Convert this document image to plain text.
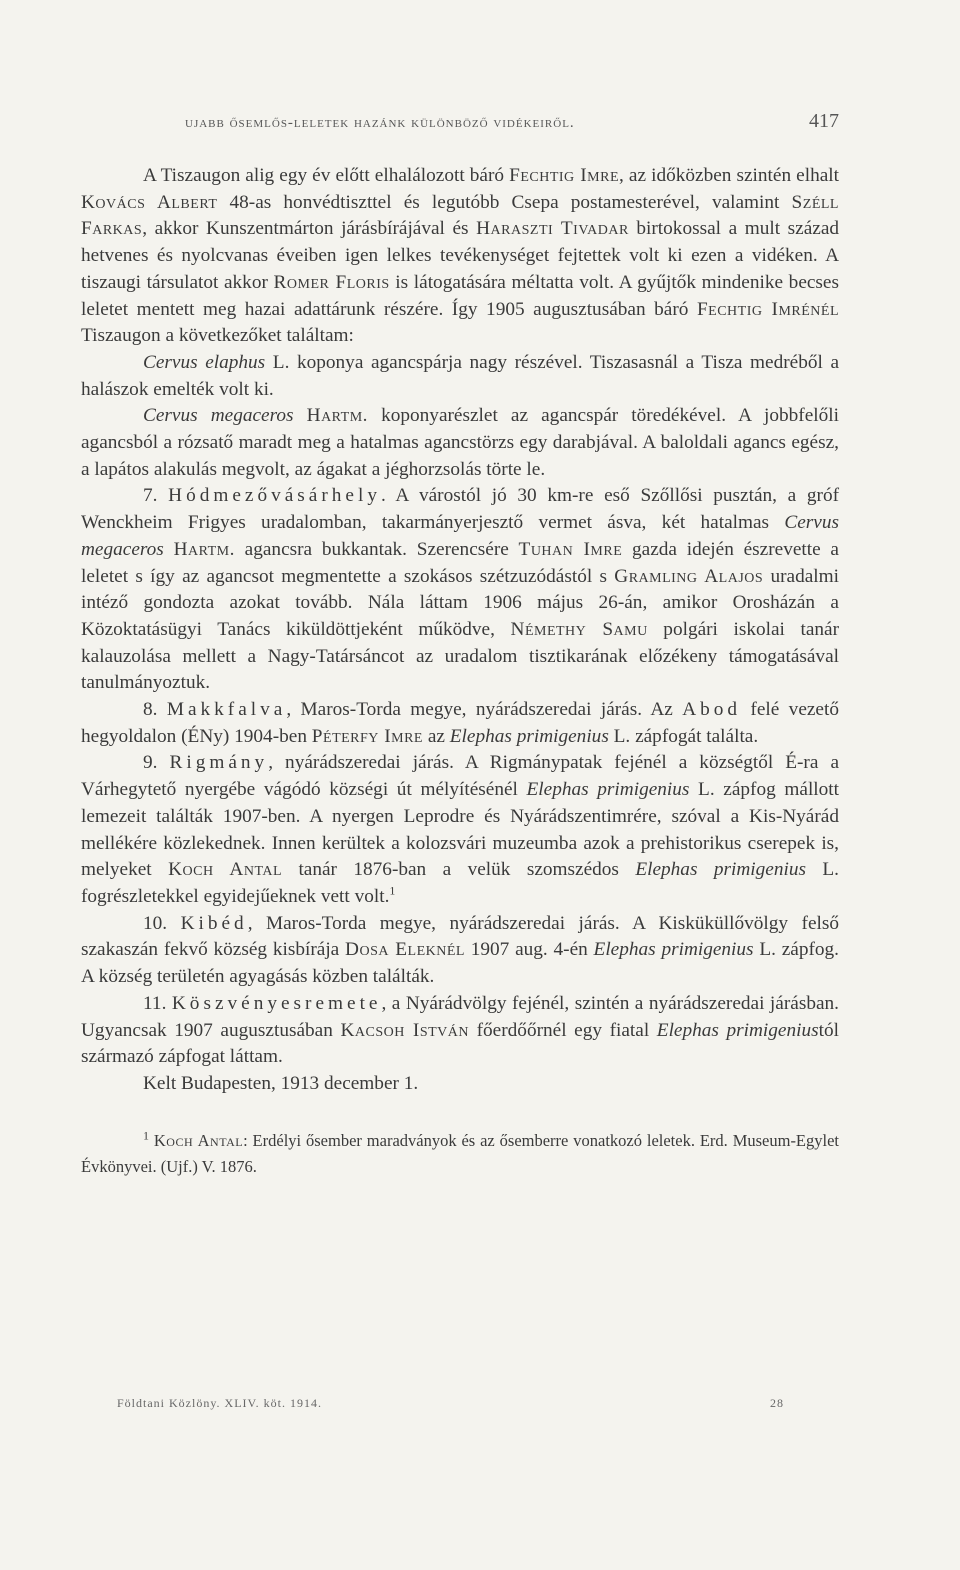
ujabb ősemlős-leletek hazánk különböző vidékeiről.	417

A Tiszaugon alig egy év előtt elhalálozott báró Fechtig Imre, az időközben szintén elhalt Kovács Albert 48-as honvédtiszttel és legutóbb Csepa postamesterével, valamint Széll Farkas, akkor Kunszentmárton járásbírájával és Haraszti Tivadar birtokossal a mult század hetvenes és nyolcvanas éveiben igen lelkes tevékenységet fejtettek volt ki ezen a vidéken. A tiszaugi társulatot akkor Romer Floris is látogatására méltatta volt. A gyűjtők mindenike becses leletet mentett meg hazai adattárunk részére. Így 1905 augusztusában báró Fechtig Imrénél Tiszaugon a következőket találtam:

Cervus elaphus L. koponya agancspárja nagy részével. Tiszasasnál a Tisza medréből a halászok emelték volt ki.

Cervus megaceros Hartm. koponyarészlet az agancspár töredékével. A jobbfelőli agancsból a rózsatő maradt meg a hatalmas agancstörzs egy darabjával. A baloldali agancs egész, a lapátos alakulás megvolt, az ágakat a jéghorzsolás törte le.

7. Hódmezővásárhely. A várostól jó 30 km-re eső Szőllősi pusztán, a gróf Wenckheim Frigyes uradalomban, takarmányerjesztő vermet ásva, két hatalmas Cervus megaceros Hartm. agancsra bukkantak. Szerencsére Tuhan Imre gazda idején észrevette a leletet s így az agancsot megmentette a szokásos szétzuzódástól s Gramling Alajos uradalmi intéző gondozta azokat tovább. Nála láttam 1906 május 26-án, amikor Orosházán a Közoktatásügyi Tanács kiküldöttjeként működve, Némethy Samu polgári iskolai tanár kalauzolása mellett a Nagy-Tatársáncot az uradalom tisztikarának előzékeny támogatásával tanulmányoztuk.

8. Makkfalva, Maros-Torda megye, nyárádszeredai járás. Az Abod felé vezető hegyoldalon (ÉNy) 1904-ben Péterfy Imre az Elephas primigenius L. zápfogát találta.

9. Rigmány, nyárádszeredai járás. A Rigmánypatak fejénél a községtől É-ra a Várhegytető nyergébe vágódó községi út mélyítésénél Elephas primigenius L. zápfog mállott lemezeit találták 1907-ben. A nyergen Leprodre és Nyárádszentimrére, szóval a Kis-Nyárád mellékére közlekednek. Innen kerültek a kolozsvári muzeumba azok a prehistorikus cserepek is, melyeket Koch Antal tanár 1876-ban a velük szomszédos Elephas primigenius L. fogrészletekkel egyidejűeknek vett volt.$^1$

10. Kibéd, Maros-Torda megye, nyárádszeredai járás. A Kisküküllővölgy felső szakaszán fekvő község kisbírája Dosa Eleknél 1907 aug. 4-én Elephas primigenius L. zápfog. A község területén agyagásás közben találták.

11. Köszvényesremete, a Nyárádvölgy fejénél, szintén a nyárádszeredai járásban. Ugyancsak 1907 augusztusában Kacsoh István főerdőőrnél egy fiatal Elephas primigeniustól származó zápfogat láttam.

Kelt Budapesten, 1913 december 1.

$^1$ Koch Antal: Erdélyi ősember maradványok és az ősemberre vonatkozó leletek. Erd. Museum-Egylet Évkönyvei. (Ujf.) V. 1876.
Földtani Közlöny. XLIV. köt. 1914.	28
